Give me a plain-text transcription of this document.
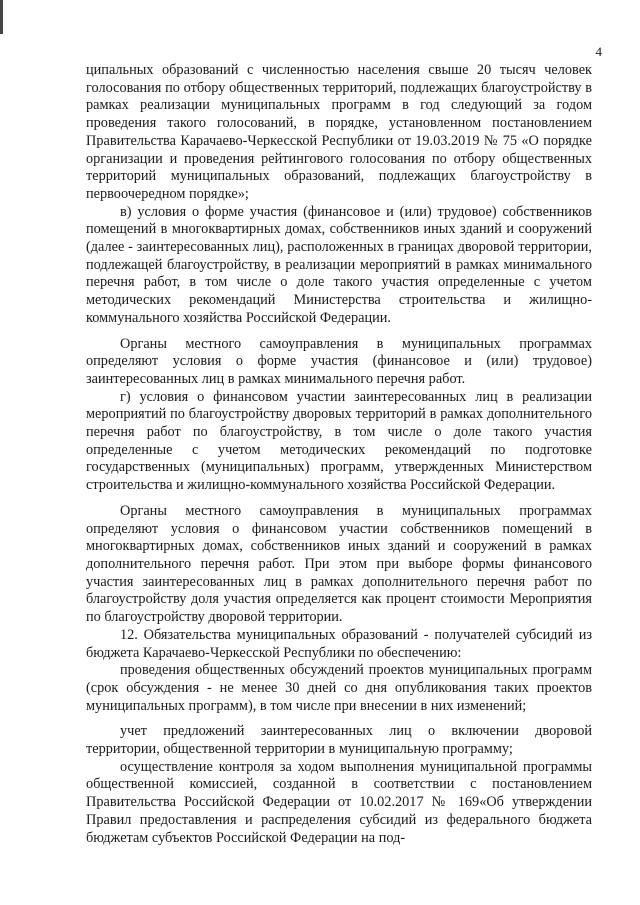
4

ципальных образований с численностью населения свыше 20 тысяч человек голосования по отбору общественных территорий, подлежащих благоустройству в рамках реализации муниципальных программ в год следующий за годом проведения такого голосований, в порядке, установленном постановлением Правительства Карачаево-Черкесской Республики от 19.03.2019 № 75 «О порядке организации и проведения рейтингового голосования по отбору общественных территорий муниципальных образований, подлежащих благоустройству в первоочередном порядке»;

в) условия о форме участия (финансовое и (или) трудовое) собственников помещений в многоквартирных домах, собственников иных зданий и сооружений (далее - заинтересованных лиц), расположенных в границах дворовой территории, подлежащей благоустройству, в реализации мероприятий в рамках минимального перечня работ, в том числе о доле такого участия определенные с учетом методических рекомендаций Министерства строительства и жилищно-коммунального хозяйства Российской Федерации.

Органы местного самоуправления в муниципальных программах определяют условия о форме участия (финансовое и (или) трудовое) заинтересованных лиц в рамках минимального перечня работ.

г) условия о финансовом участии заинтересованных лиц в реализации мероприятий по благоустройству дворовых территорий в рамках дополнительного перечня работ по благоустройству, в том числе о доле такого участия определенные с учетом методических рекомендаций по подготовке государственных (муниципальных) программ, утвержденных Министерством строительства и жилищно-коммунального хозяйства Российской Федерации.

Органы местного самоуправления в муниципальных программах определяют условия о финансовом участии собственников помещений в многоквартирных домах, собственников иных зданий и сооружений в рамках дополнительного перечня работ. При этом при выборе формы финансового участия заинтересованных лиц в рамках дополнительного перечня работ по благоустройству доля участия определяется как процент стоимости Мероприятия по благоустройству дворовой территории.

12. Обязательства муниципальных образований - получателей субсидий из бюджета Карачаево-Черкесской Республики по обеспечению:

проведения общественных обсуждений проектов муниципальных программ (срок обсуждения - не менее 30 дней со дня опубликования таких проектов муниципальных программ), в том числе при внесении в них изменений;

учет предложений заинтересованных лиц о включении дворовой территории, общественной территории в муниципальную программу;

осуществление контроля за ходом выполнения муниципальной программы общественной комиссией, созданной в соответствии с постановлением Правительства Российской Федерации от 10.02.2017 № 169«Об утверждении Правил предоставления и распределения субсидий из федерального бюджета бюджетам субъектов Российской Федерации на под-
